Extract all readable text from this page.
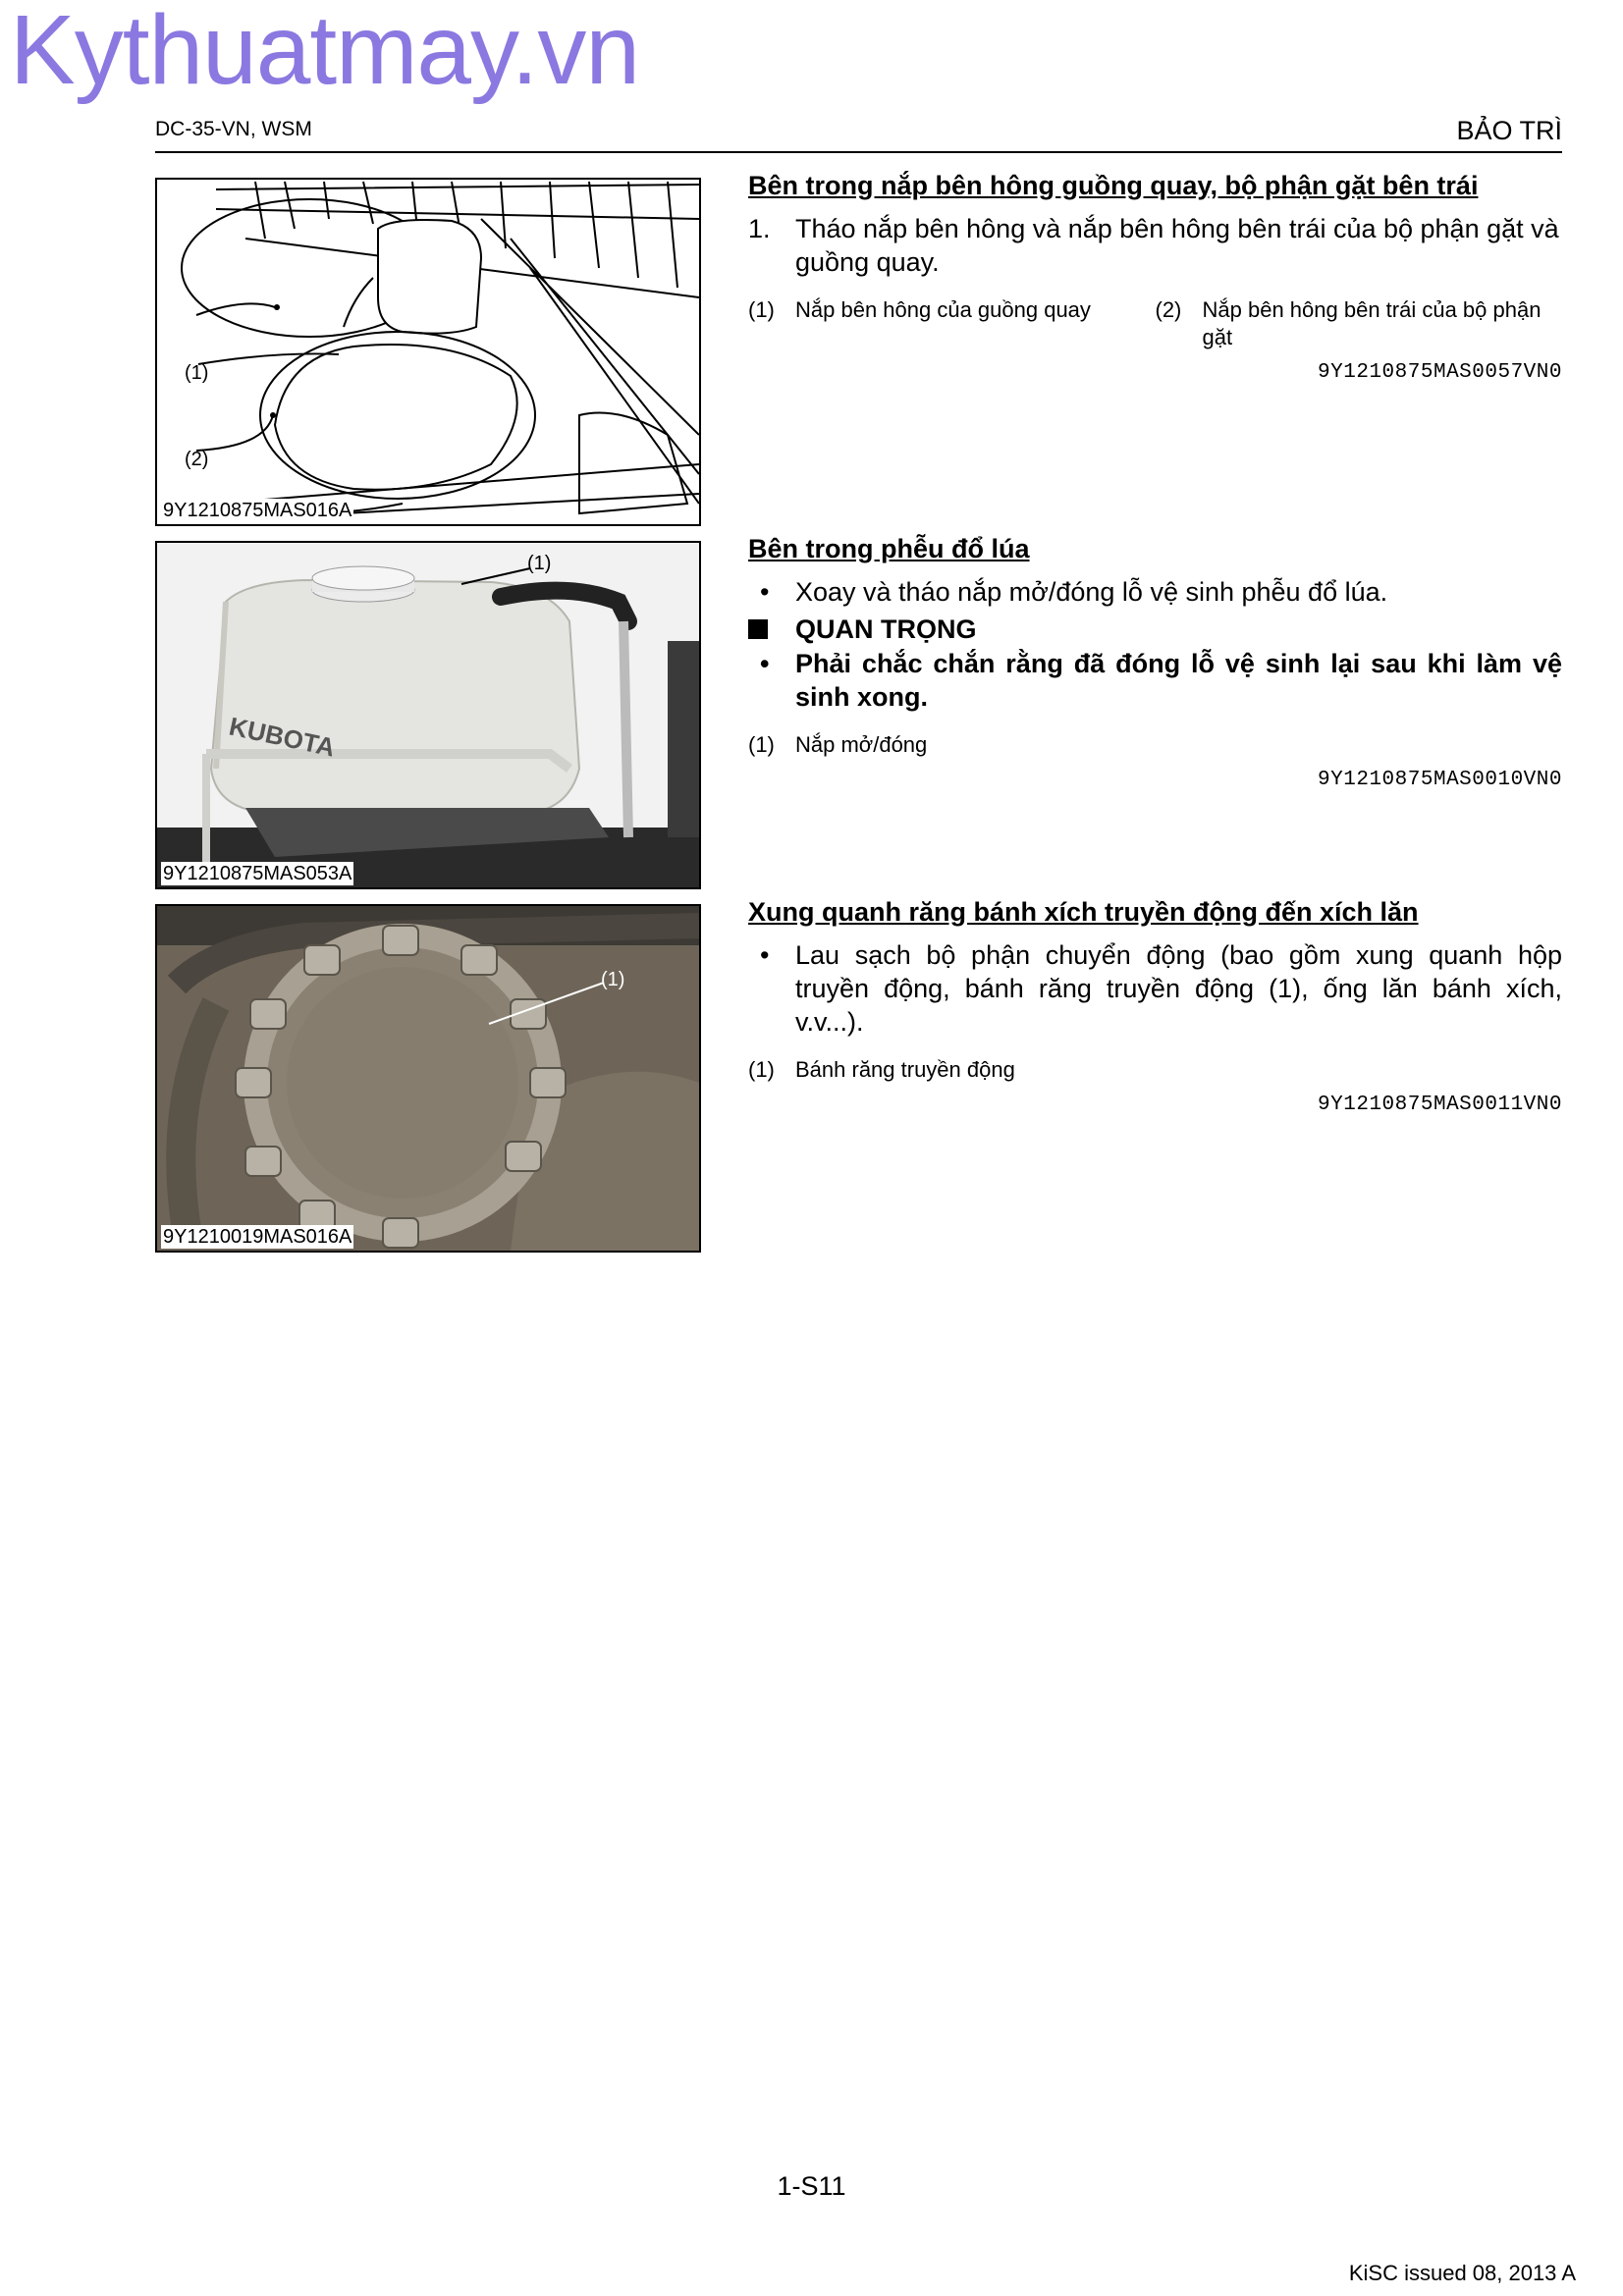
Kythuatmay.vn
DC-35-VN, WSM	BẢO TRÌ
(1)
(2)
9Y1210875MAS016A
Bên trong nắp bên hông guồng quay, bộ phận gặt bên trái
1. Tháo nắp bên hông và nắp bên hông bên trái của bộ phận gặt và guồng quay.
(1) Nắp bên hông của guồng quay	(2) Nắp bên hông bên trái của bộ phận gặt
9Y1210875MAS0057VN0
KUBOTA
(1)
9Y1210875MAS053A
Bên trong phễu đổ lúa
• Xoay và tháo nắp mở/đóng lỗ vệ sinh phễu đổ lúa.
QUAN TRỌNG
• Phải chắc chắn rằng đã đóng lỗ vệ sinh lại sau khi làm vệ sinh xong.
(1) Nắp mở/đóng
9Y1210875MAS0010VN0
(1)
9Y1210019MAS016A
Xung quanh răng bánh xích truyền động đến xích lăn
• Lau sạch bộ phận chuyển động (bao gồm xung quanh hộp truyền động, bánh răng truyền động (1), ống lăn bánh xích, v.v...).
(1) Bánh răng truyền động
9Y1210875MAS0011VN0
1-S11
KiSC issued 08, 2013 A
